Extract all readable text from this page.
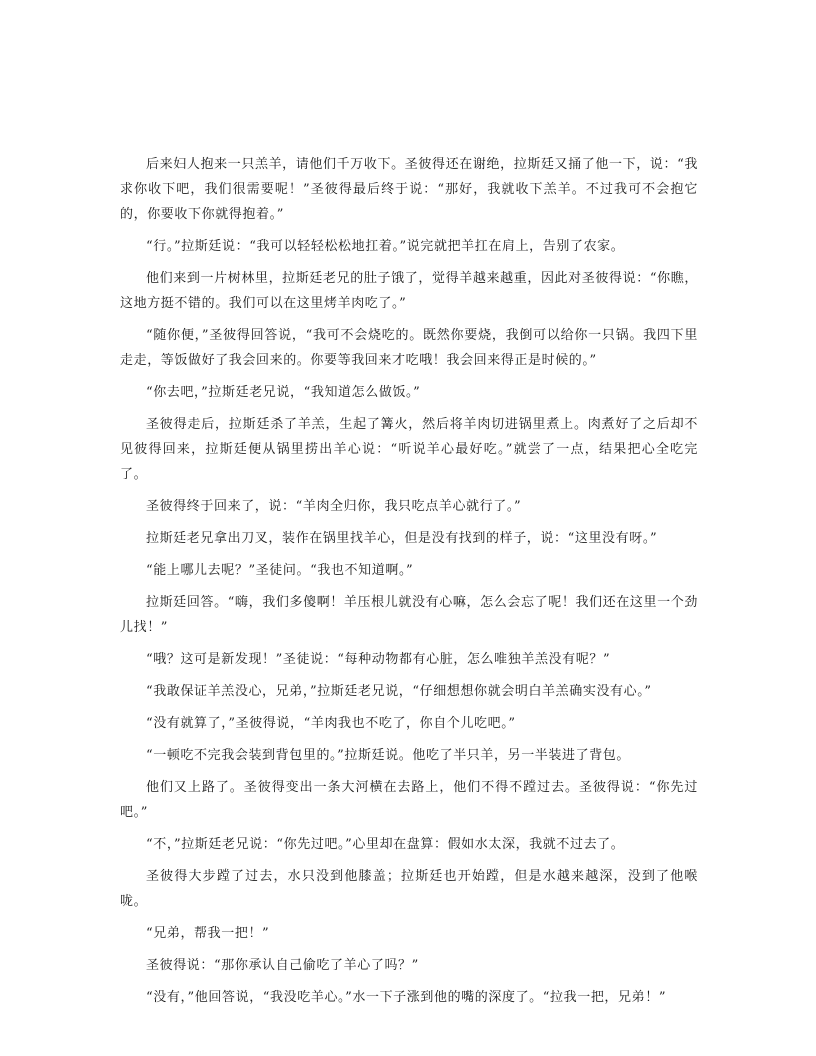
后来妇人抱来一只羔羊，请他们千万收下。圣彼得还在谢绝，拉斯廷又捅了他一下，说：“我求你收下吧，我们很需要呢！”圣彼得最后终于说：“那好，我就收下羔羊。不过我可不会抱它的，你要收下你就得抱着。”

“行。”拉斯廷说：“我可以轻轻松松地扛着。”说完就把羊扛在肩上，告别了农家。

他们来到一片树林里，拉斯廷老兄的肚子饿了，觉得羊越来越重，因此对圣彼得说：“你瞧，这地方挺不错的。我们可以在这里烤羊肉吃了。”

“随你便，”圣彼得回答说，“我可不会烧吃的。既然你要烧，我倒可以给你一只锅。我四下里走走，等饭做好了我会回来的。你要等我回来才吃哦！我会回来得正是时候的。”

“你去吧，”拉斯廷老兄说，“我知道怎么做饭。”

圣彼得走后，拉斯廷杀了羊羔，生起了篝火，然后将羊肉切进锅里煮上。肉煮好了之后却不见彼得回来，拉斯廷便从锅里捞出羊心说：“听说羊心最好吃。”就尝了一点，结果把心全吃完了。

圣彼得终于回来了，说：“羊肉全归你，我只吃点羊心就行了。”

拉斯廷老兄拿出刀叉，装作在锅里找羊心，但是没有找到的样子，说：“这里没有呀。”

“能上哪儿去呢？”圣徒问。“我也不知道啊。”

拉斯廷回答。“嗨，我们多傻啊！羊压根儿就没有心嘛，怎么会忘了呢！我们还在这里一个劲儿找！”

“哦？这可是新发现！”圣徒说：“每种动物都有心脏，怎么唯独羊羔没有呢？”

“我敢保证羊羔没心，兄弟，”拉斯廷老兄说，“仔细想想你就会明白羊羔确实没有心。”

“没有就算了，”圣彼得说，“羊肉我也不吃了，你自个儿吃吧。”

“一顿吃不完我会装到背包里的。”拉斯廷说。他吃了半只羊，另一半装进了背包。

他们又上路了。圣彼得变出一条大河横在去路上，他们不得不蹚过去。圣彼得说：“你先过吧。”

“不，”拉斯廷老兄说：“你先过吧。”心里却在盘算：假如水太深，我就不过去了。

圣彼得大步蹚了过去，水只没到他膝盖；拉斯廷也开始蹚，但是水越来越深，没到了他喉咙。

“兄弟，帮我一把！”

圣彼得说：“那你承认自己偷吃了羊心了吗？”

“没有，”他回答说，“我没吃羊心。”水一下子涨到他的嘴的深度了。“拉我一把，兄弟！”
